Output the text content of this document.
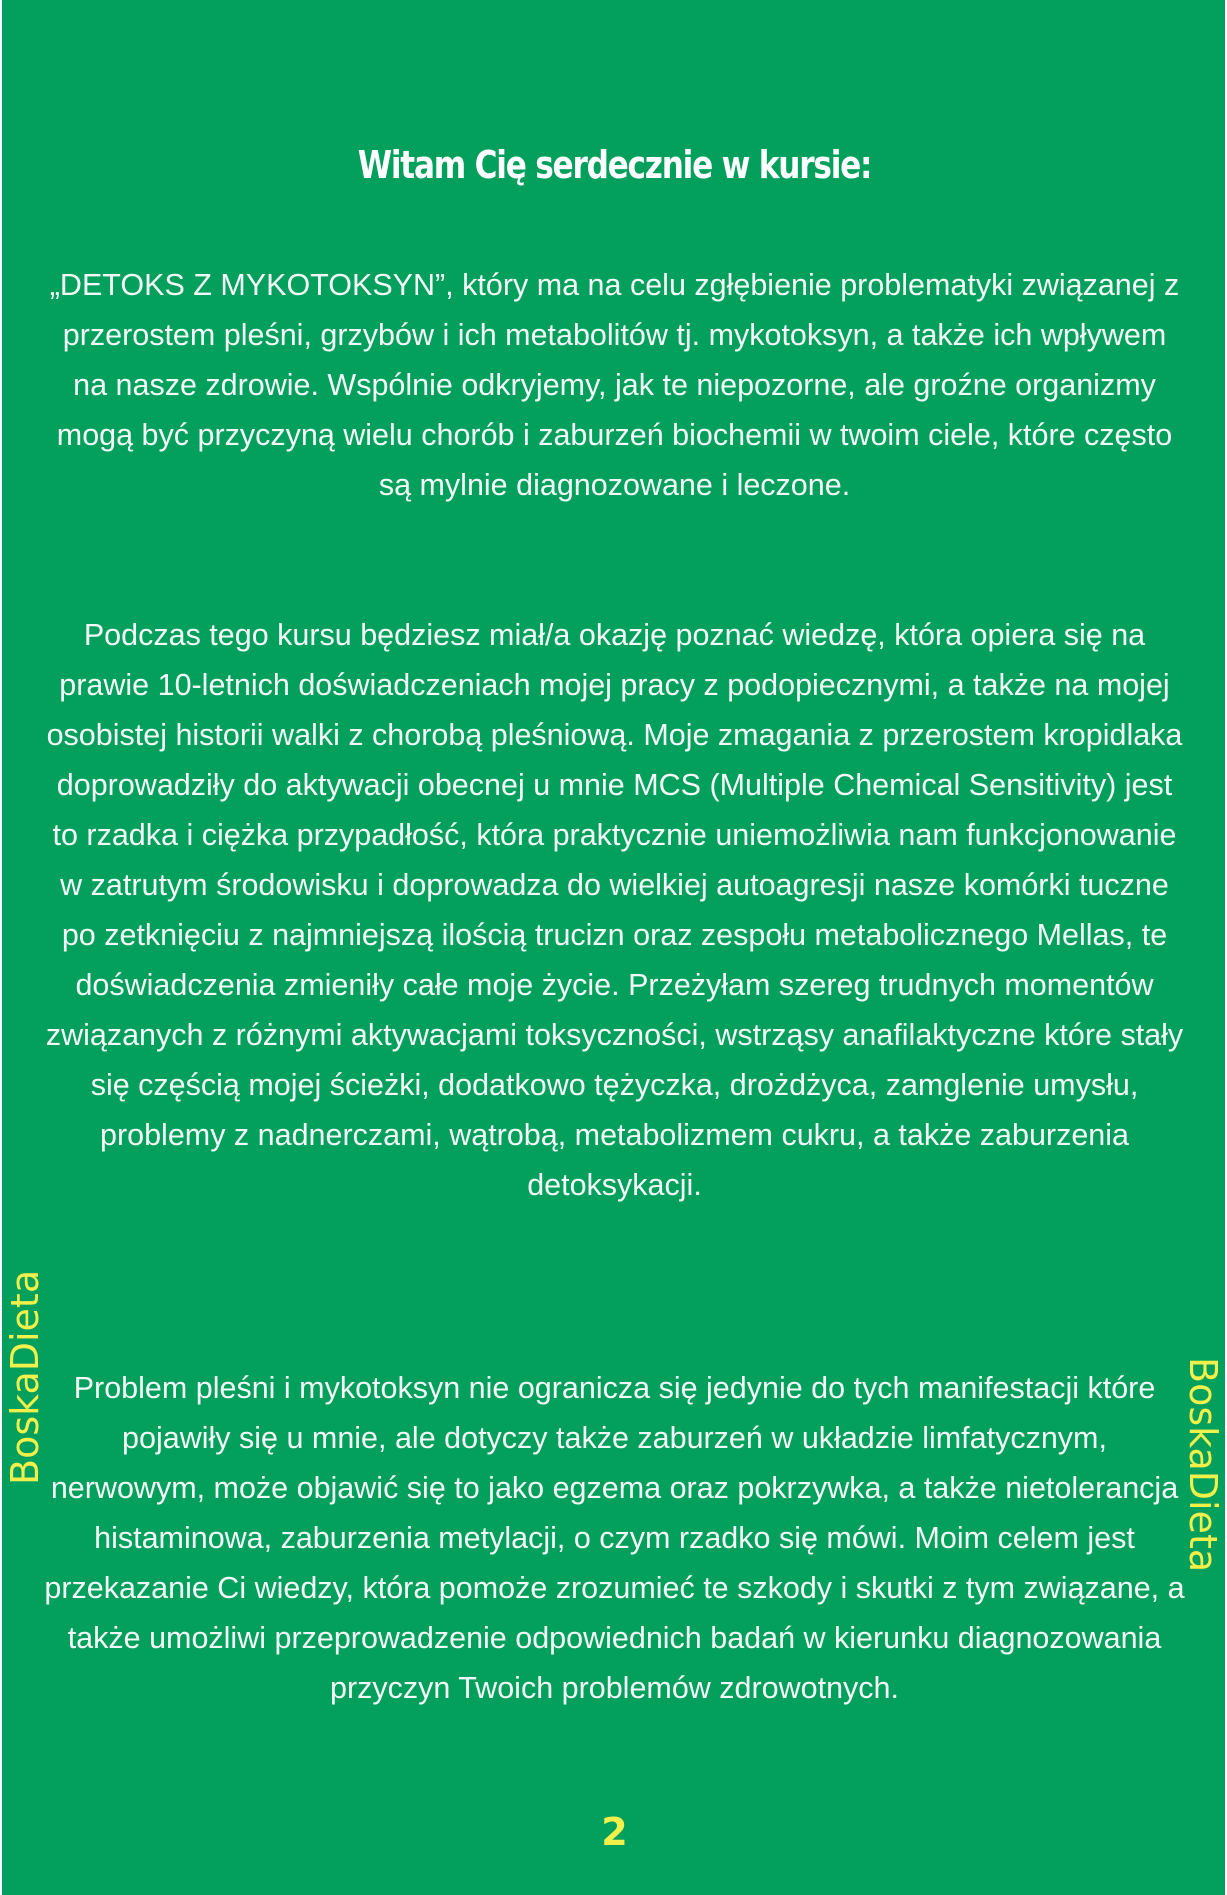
Witam Cię serdecznie w kursie:

„DETOKS Z MYKOTOKSYN”, który ma na celu zgłębienie problematyki związanej z przerostem pleśni, grzybów i ich metabolitów tj. mykotoksyn, a także ich wpływem na nasze zdrowie. Wspólnie odkryjemy, jak te niepozorne, ale groźne organizmy mogą być przyczyną wielu chorób i zaburzeń biochemii w twoim ciele, które często są mylnie diagnozowane i leczone.

Podczas tego kursu będziesz miał/a okazję poznać wiedzę, która opiera się na prawie 10-letnich doświadczeniach mojej pracy z podopiecznymi, a także na mojej osobistej historii walki z chorobą pleśniową. Moje zmagania z przerostem kropidlaka doprowadziły do aktywacji obecnej u mnie MCS (Multiple Chemical Sensitivity) jest to rzadka i ciężka przypadłość, która praktycznie uniemożliwia nam funkcjonowanie w zatrutym środowisku i doprowadza do wielkiej autoagresji nasze komórki tuczne po zetknięciu z najmniejszą ilością trucizn oraz zespołu metabolicznego Mellas, te doświadczenia zmieniły całe moje życie. Przeżyłam szereg trudnych momentów związanych z różnymi aktywacjami toksyczności, wstrząsy anafilaktyczne które stały się częścią mojej ścieżki, dodatkowo tężyczka, drożdżyca, zamglenie umysłu, problemy z nadnerczami, wątrobą, metabolizmem cukru, a także zaburzenia detoksykacji.

Problem pleśni i mykotoksyn nie ogranicza się jedynie do tych manifestacji które pojawiły się u mnie, ale dotyczy także zaburzeń w układzie limfatycznym, nerwowym, może objawić się to jako egzema oraz pokrzywka, a także nietolerancja histaminowa, zaburzenia metylacji, o czym rzadko się mówi. Moim celem jest przekazanie Ci wiedzy, która pomoże zrozumieć te szkody i skutki z tym związane, a także umożliwi przeprowadzenie odpowiednich badań w kierunku diagnozowania przyczyn Twoich problemów zdrowotnych.

BoskaDieta	BoskaDieta
2
